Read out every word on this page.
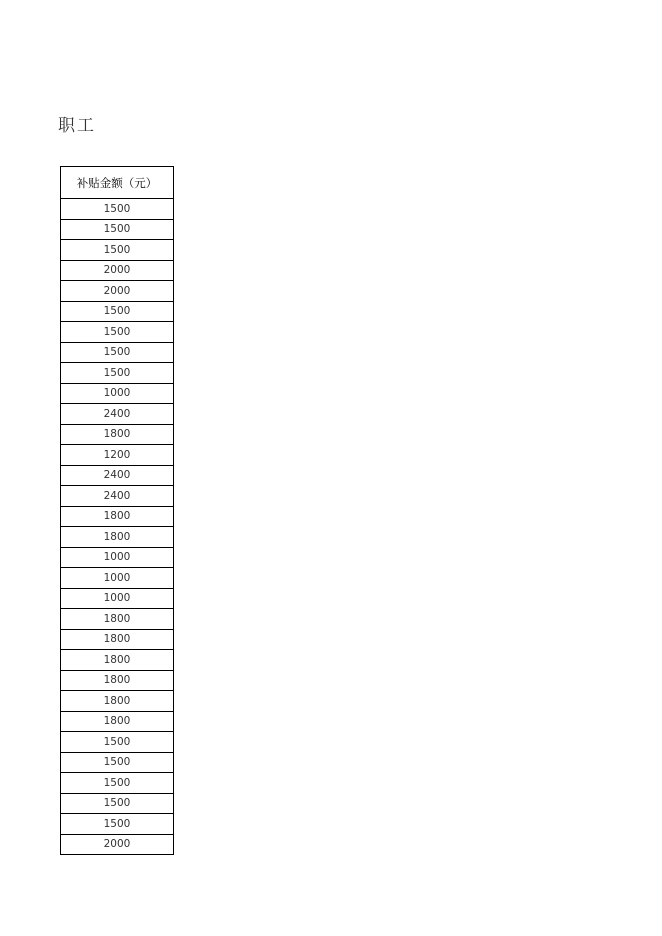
职工
补贴金额（元）
1500
1500
1500
2000
2000
1500
1500
1500
1500
1000
2400
1800
1200
2400
2400
1800
1800
1000
1000
1000
1800
1800
1800
1800
1800
1800
1500
1500
1500
1500
1500
2000
